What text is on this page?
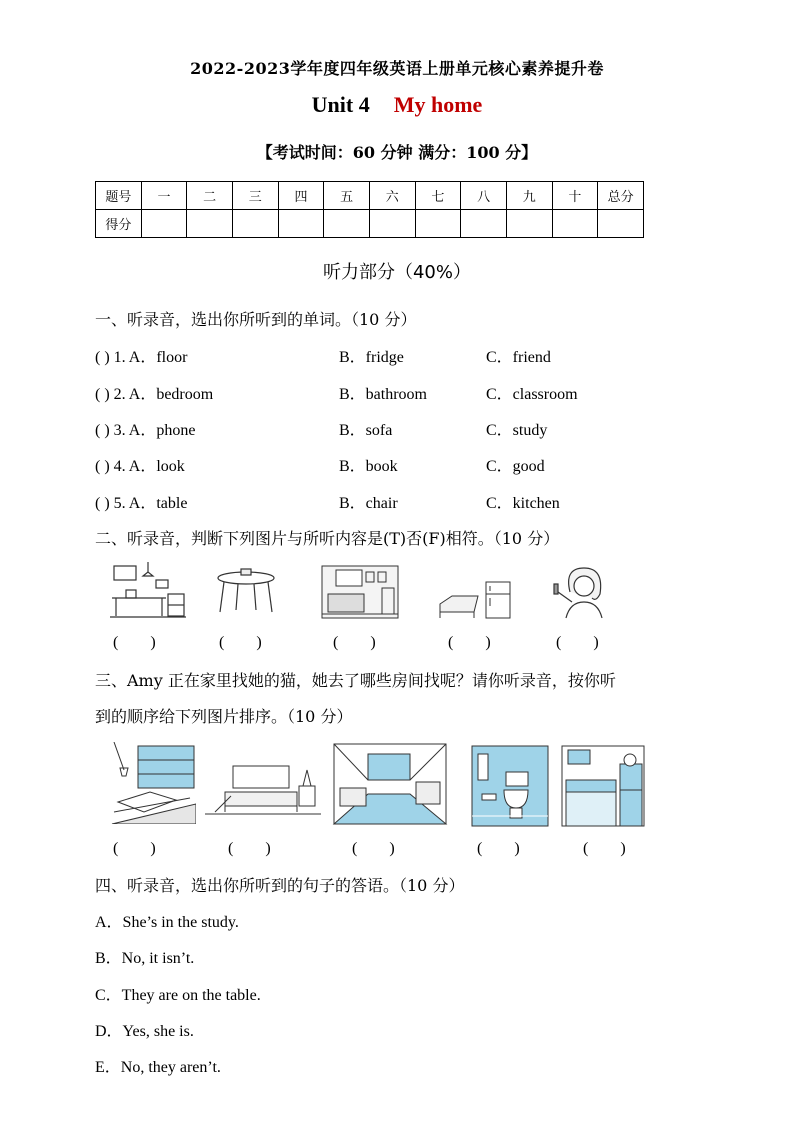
2022-2023学年度四年级英语上册单元核心素养提升卷
Unit 4 My home
【考试时间：60 分钟 满分：100 分】
题号	一	二	三	四	五	六	七	八	九	十	总分
得分											
听力部分（40%）
一、听录音，选出你所听到的单词。（10 分）
( ) 1. A．floor	B．fridge	C．friend
( ) 2. A．bedroom	B．bathroom	C．classroom
( ) 3. A．phone	B．sofa	C．study
( ) 4. A．look	B．book	C．good
( ) 5. A．table	B．chair	C．kitchen
二、听录音，判断下列图片与所听内容是(T)否(F)相符。（10 分）
(        )	(        )	(        )	(        )	(        )
三、Amy 正在家里找她的猫，她去了哪些房间找呢？请你听录音，按你听
到的顺序给下列图片排序。（10 分）
(        )	(        )	(        )	(        )	(        )
四、听录音，选出你所听到的句子的答语。（10 分）
A．She’s in the study.
B．No, it isn’t.
C．They are on the table.
D．Yes, she is.
E．No, they aren’t.
